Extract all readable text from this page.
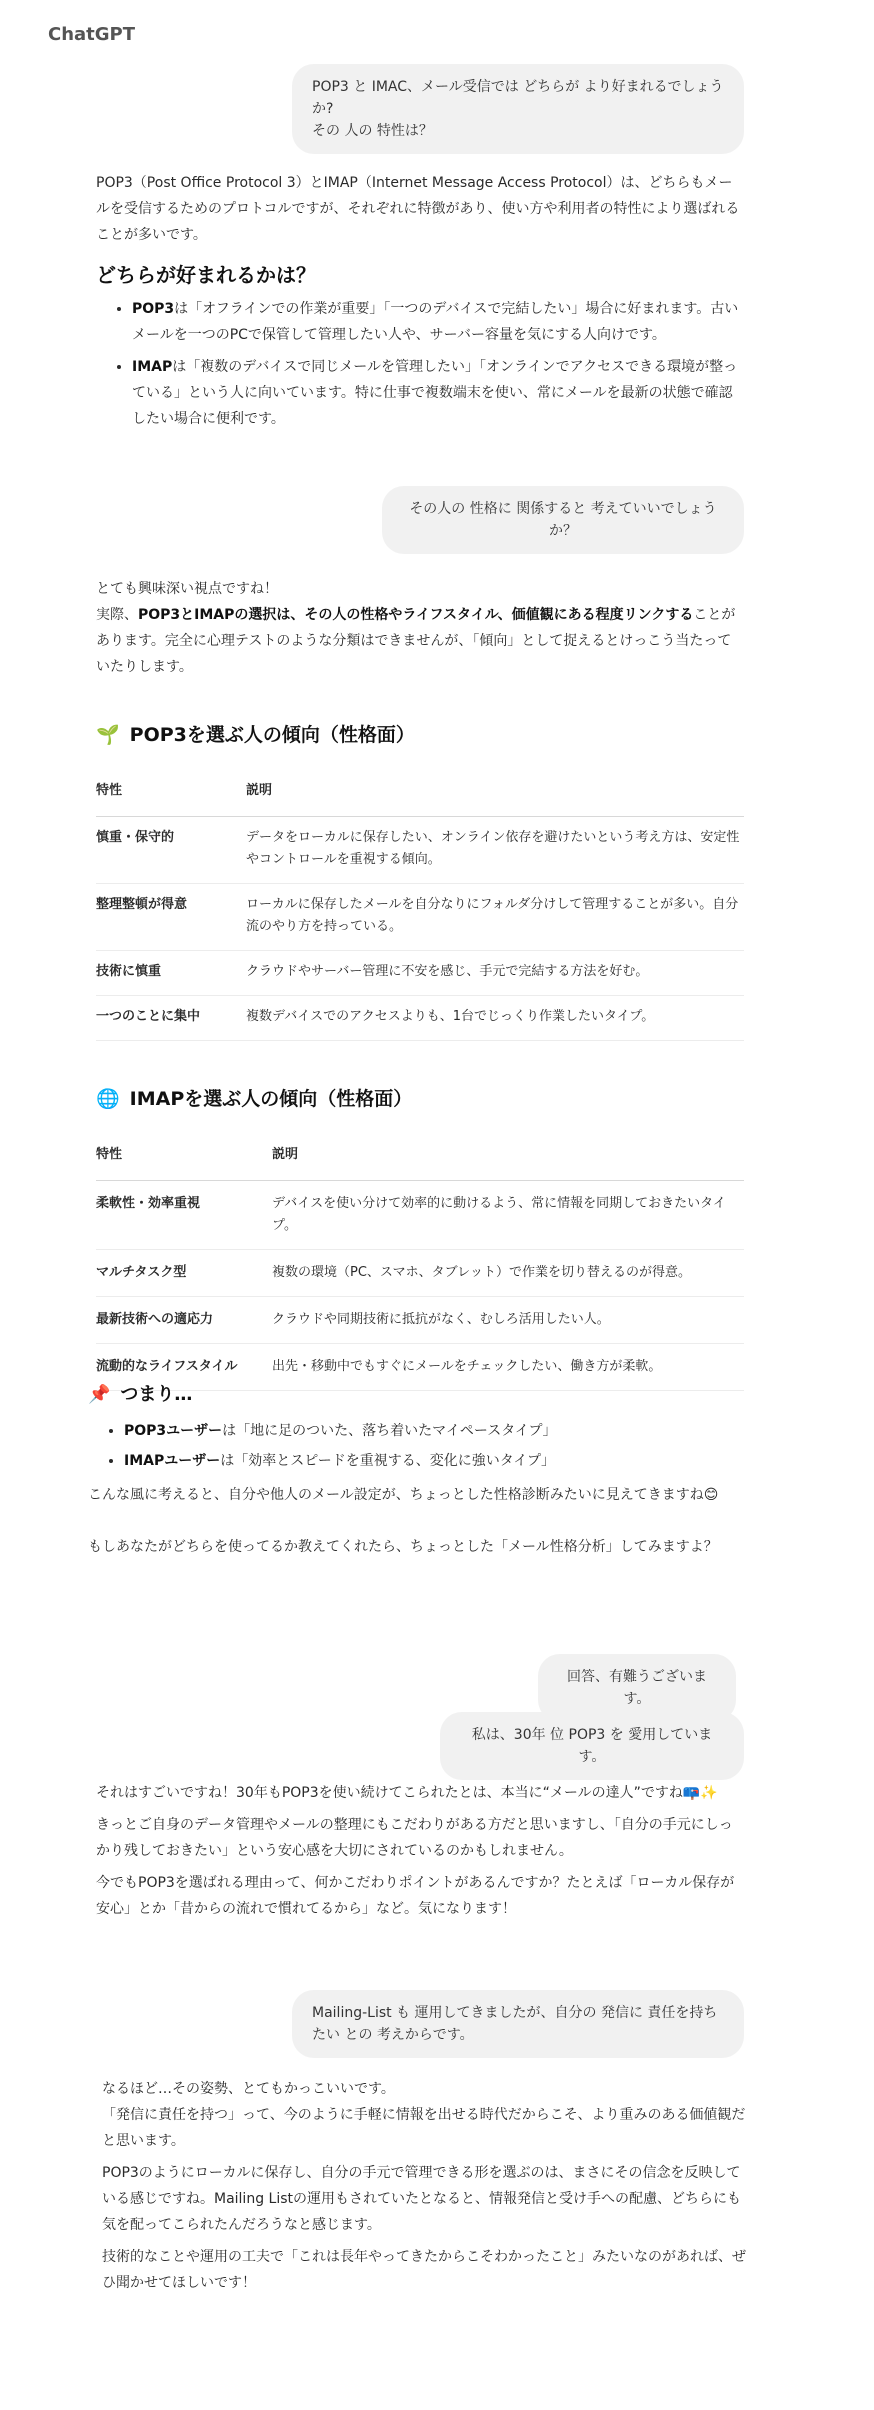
ChatGPT
POP3 と IMAC、メール受信では どちらが より好まれるでしょうか?
その 人の 特性は？

POP3（Post Office Protocol 3）とIMAP（Internet Message Access Protocol）は、どちらもメールを受信するためのプロトコルですが、それぞれに特徴があり、使い方や利用者の特性により選ばれることが多いです。

どちらが好まれるかは？
• POP3は「オフラインでの作業が重要」「一つのデバイスで完結したい」場合に好まれます。古いメールを一つのPCで保管して管理したい人や、サーバー容量を気にする人向けです。
• IMAPは「複数のデバイスで同じメールを管理したい」「オンラインでアクセスできる環境が整っている」という人に向いています。特に仕事で複数端末を使い、常にメールを最新の状態で確認したい場合に便利です。
その人の 性格に 関係すると 考えていいでしょうか？

とても興味深い視点ですね！

実際、POP3とIMAPの選択は、その人の性格やライフスタイル、価値観にある程度リンクすることがあります。完全に心理テストのような分類はできませんが、「傾向」として捉えるとけっこう当たっていたりします。

🌱 POP3を選ぶ人の傾向（性格面）
特性	説明
慎重・保守的	データをローカルに保存したい、オンライン依存を避けたいという考え方は、安定性やコントロールを重視する傾向。
整理整頓が得意	ローカルに保存したメールを自分なりにフォルダ分けして管理することが多い。自分流のやり方を持っている。
技術に慎重	クラウドやサーバー管理に不安を感じ、手元で完結する方法を好む。
一つのことに集中	複数デバイスでのアクセスよりも、1台でじっくり作業したいタイプ。
🌐 IMAPを選ぶ人の傾向（性格面）
特性	説明
柔軟性・効率重視	デバイスを使い分けて効率的に動けるよう、常に情報を同期しておきたいタイプ。
マルチタスク型	複数の環境（PC、スマホ、タブレット）で作業を切り替えるのが得意。
最新技術への適応力	クラウドや同期技術に抵抗がなく、むしろ活用したい人。
流動的なライフスタイル	出先・移動中でもすぐにメールをチェックしたい、働き方が柔軟。
📌 つまり…
• POP3ユーザーは「地に足のついた、落ち着いたマイペースタイプ」
• IMAPユーザーは「効率とスピードを重視する、変化に強いタイプ」

こんな風に考えると、自分や他人のメール設定が、ちょっとした性格診断みたいに見えてきますね😊

もしあなたがどちらを使ってるか教えてくれたら、ちょっとした「メール性格分析」してみますよ？

回答、有難うございます。
私は、30年 位 POP3 を 愛用しています。

それはすごいですね！30年もPOP3を使い続けてこられたとは、本当に“メールの達人”ですね📪✨

きっとご自身のデータ管理やメールの整理にもこだわりがある方だと思いますし、「自分の手元にしっかり残しておきたい」という安心感を大切にされているのかもしれません。

今でもPOP3を選ばれる理由って、何かこだわりポイントがあるんですか？たとえば「ローカル保存が安心」とか「昔からの流れで慣れてるから」など。気になります！

Mailing-List も 運用してきましたが、自分の 発信に 責任を持ち
たい との 考えからです。

なるほど…その姿勢、とてもかっこいいです。

「発信に責任を持つ」って、今のように手軽に情報を出せる時代だからこそ、より重みのある価値観だと思います。

POP3のようにローカルに保存し、自分の手元で管理できる形を選ぶのは、まさにその信念を反映している感じですね。Mailing Listの運用もされていたとなると、情報発信と受け手への配慮、どちらにも気を配ってこられたんだろうなと感じます。

技術的なことや運用の工夫で「これは長年やってきたからこそわかったこと」みたいなのがあれば、ぜひ聞かせてほしいです！
